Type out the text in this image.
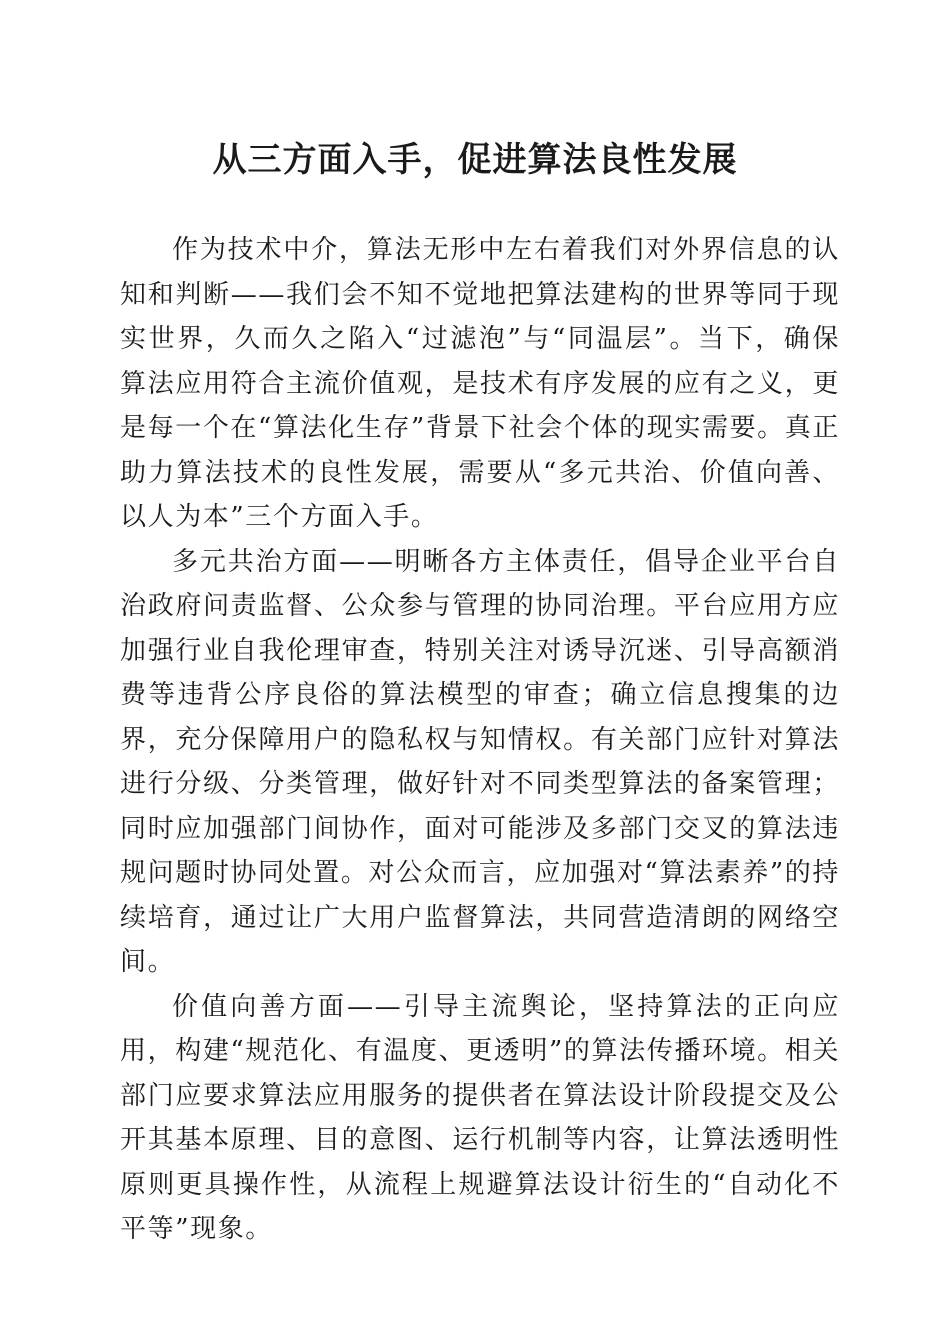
从三方面入手，促进算法良性发展

作为技术中介，算法无形中左右着我们对外界信息的认知和判断——我们会不知不觉地把算法建构的世界等同于现实世界，久而久之陷入“过滤泡”与“同温层”。当下，确保算法应用符合主流价值观，是技术有序发展的应有之义，更是每一个在“算法化生存”背景下社会个体的现实需要。真正助力算法技术的良性发展，需要从“多元共治、价值向善、以人为本”三个方面入手。

多元共治方面——明晰各方主体责任，倡导企业平台自治政府问责监督、公众参与管理的协同治理。平台应用方应加强行业自我伦理审查，特别关注对诱导沉迷、引导高额消费等违背公序良俗的算法模型的审查；确立信息搜集的边界，充分保障用户的隐私权与知情权。有关部门应针对算法进行分级、分类管理，做好针对不同类型算法的备案管理；同时应加强部门间协作，面对可能涉及多部门交叉的算法违规问题时协同处置。对公众而言，应加强对“算法素养”的持续培育，通过让广大用户监督算法，共同营造清朗的网络空间。

价值向善方面——引导主流舆论，坚持算法的正向应用，构建“规范化、有温度、更透明”的算法传播环境。相关部门应要求算法应用服务的提供者在算法设计阶段提交及公开其基本原理、目的意图、运行机制等内容，让算法透明性原则更具操作性，从流程上规避算法设计衍生的“自动化不平等”现象。
